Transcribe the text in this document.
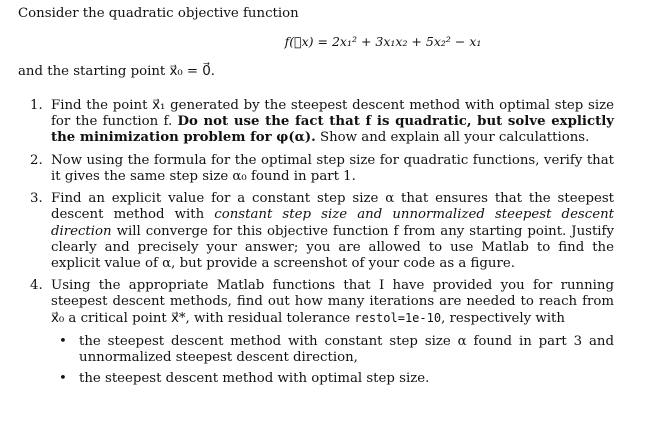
Consider the quadratic objective function
f(⃗x) = 2x₁² + 3x₁x₂ + 5x₂² − x₁
and the starting point x⃗₀ = 0⃗.
1. Find the point x⃗₁ generated by the steepest descent method with optimal step size for the function f. Do not use the fact that f is quadratic, but solve explictly the minimization problem for φ(α). Show and explain all your calculattions.
2. Now using the formula for the optimal step size for quadratic functions, verify that it gives the same step size α₀ found in part 1.
3. Find an explicit value for a constant step size α that ensures that the steepest descent method with constant step size and unnormalized steepest descent direction will converge for this objective function f from any starting point. Justify clearly and precisely your answer; you are allowed to use Matlab to find the explicit value of α, but provide a screenshot of your code as a figure.
4. Using the appropriate Matlab functions that I have provided you for running steepest descent methods, find out how many iterations are needed to reach from x⃗₀ a critical point x⃗*, with residual tolerance restol=1e-10, respectively with
• the steepest descent method with constant step size α found in part 3 and unnormalized steepest descent direction,
• the steepest descent method with optimal step size.
